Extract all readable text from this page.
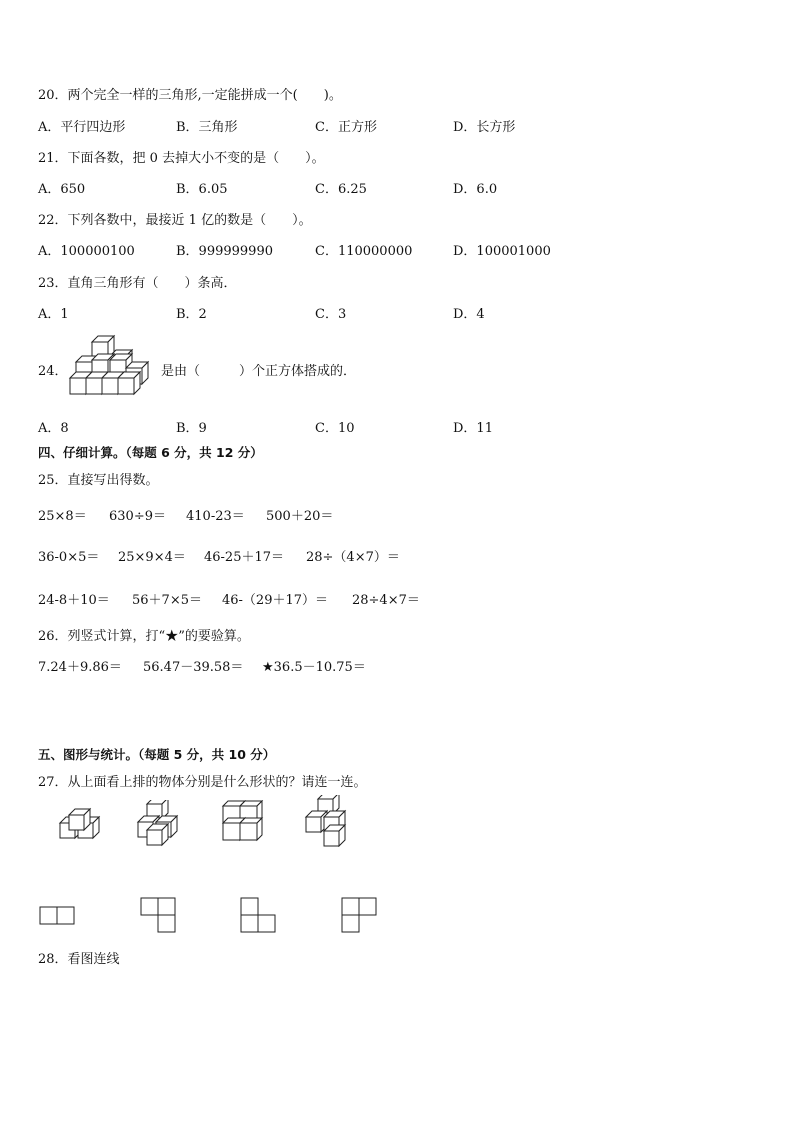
20．两个完全一样的三角形,一定能拼成一个(　　)。
A．平行四边形	B．三角形	C．正方形	D．长方形
21．下面各数，把 0 去掉大小不变的是（　　）。
A．650	B．6.05	C．6.25	D．6.0
22．下列各数中，最接近 1 亿的数是（　　）。
A．100000100	B．999999990	C．110000000	D．100001000
23．直角三角形有（　　）条高．
A．1	B．2	C．3	D．4
24．	是由（　　　）个正方体搭成的．
A．8	B．9	C．10	D．11
四、仔细计算。（每题 6 分，共 12 分）
25．直接写出得数。
25×8＝ 630÷9＝ 410-23＝ 500＋20＝
36-0×5＝ 25×9×4＝ 46-25＋17＝ 28÷（4×7）＝
24-8＋10＝ 56＋7×5＝ 46-（29＋17）＝ 28÷4×7＝
26．列竖式计算，打“★”的要验算。
7.24＋9.86＝ 56.47－39.58＝ ★36.5－10.75＝
五、图形与统计。（每题 5 分，共 10 分）
27．从上面看上排的物体分别是什么形状的？请连一连。
28．看图连线
